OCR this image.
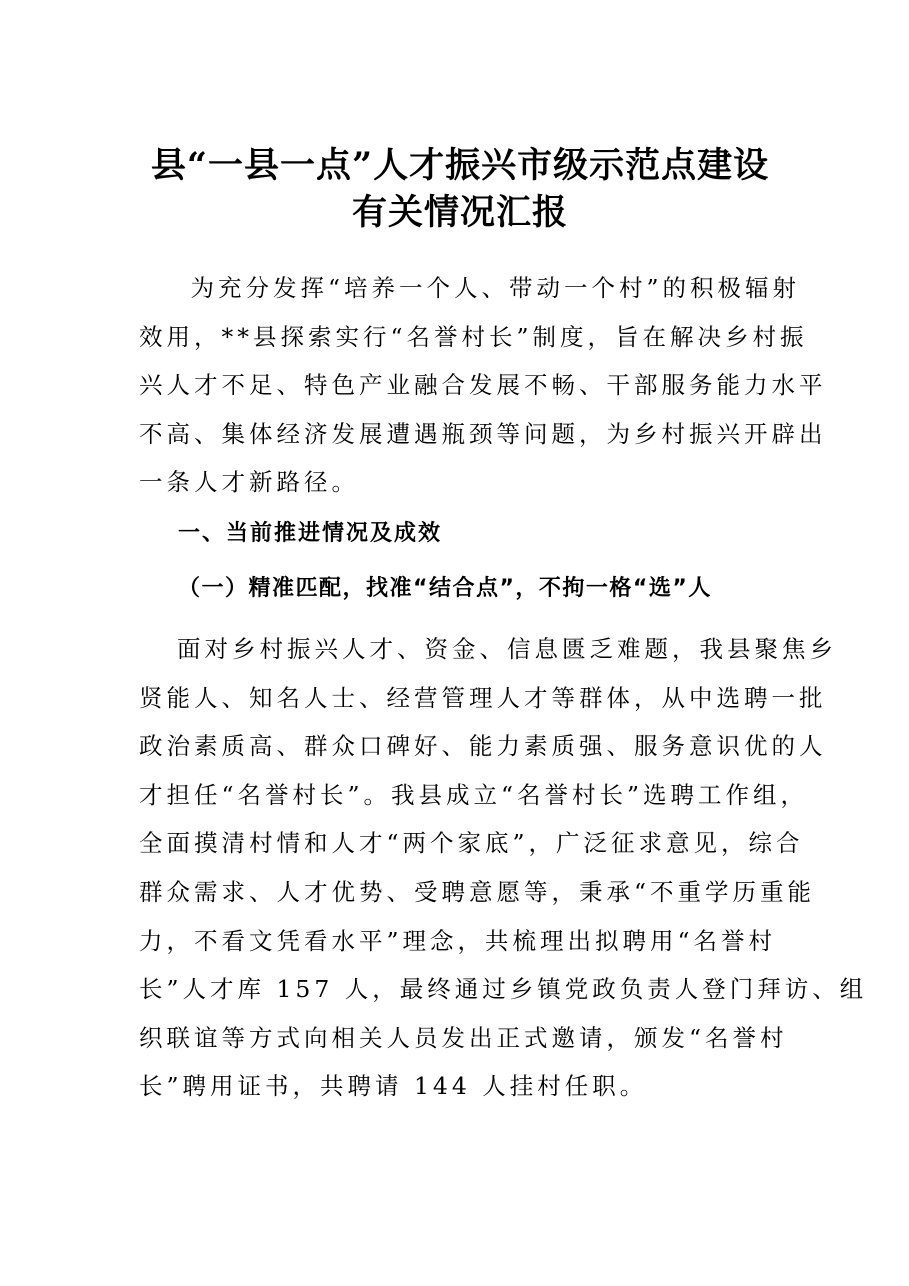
县“一县一点”人才振兴市级示范点建设
有关情况汇报
　为充分发挥“培养一个人、带动一个村”的积极辐射
效用，**县探索实行“名誉村长”制度，旨在解决乡村振
兴人才不足、特色产业融合发展不畅、干部服务能力水平
不高、集体经济发展遭遇瓶颈等问题，为乡村振兴开辟出
一条人才新路径。
一、当前推进情况及成效
（一）精准匹配，找准“结合点”，不拘一格“选”人
面对乡村振兴人才、资金、信息匮乏难题，我县聚焦乡
贤能人、知名人士、经营管理人才等群体，从中选聘一批
政治素质高、群众口碑好、能力素质强、服务意识优的人
才担任“名誉村长”。我县成立“名誉村长”选聘工作组，
全面摸清村情和人才“两个家底”，广泛征求意见，综合
群众需求、人才优势、受聘意愿等，秉承“不重学历重能
力，不看文凭看水平”理念，共梳理出拟聘用“名誉村
长”人才库 157 人，最终通过乡镇党政负责人登门拜访、组
织联谊等方式向相关人员发出正式邀请，颁发“名誉村
长”聘用证书，共聘请 144 人挂村任职。
